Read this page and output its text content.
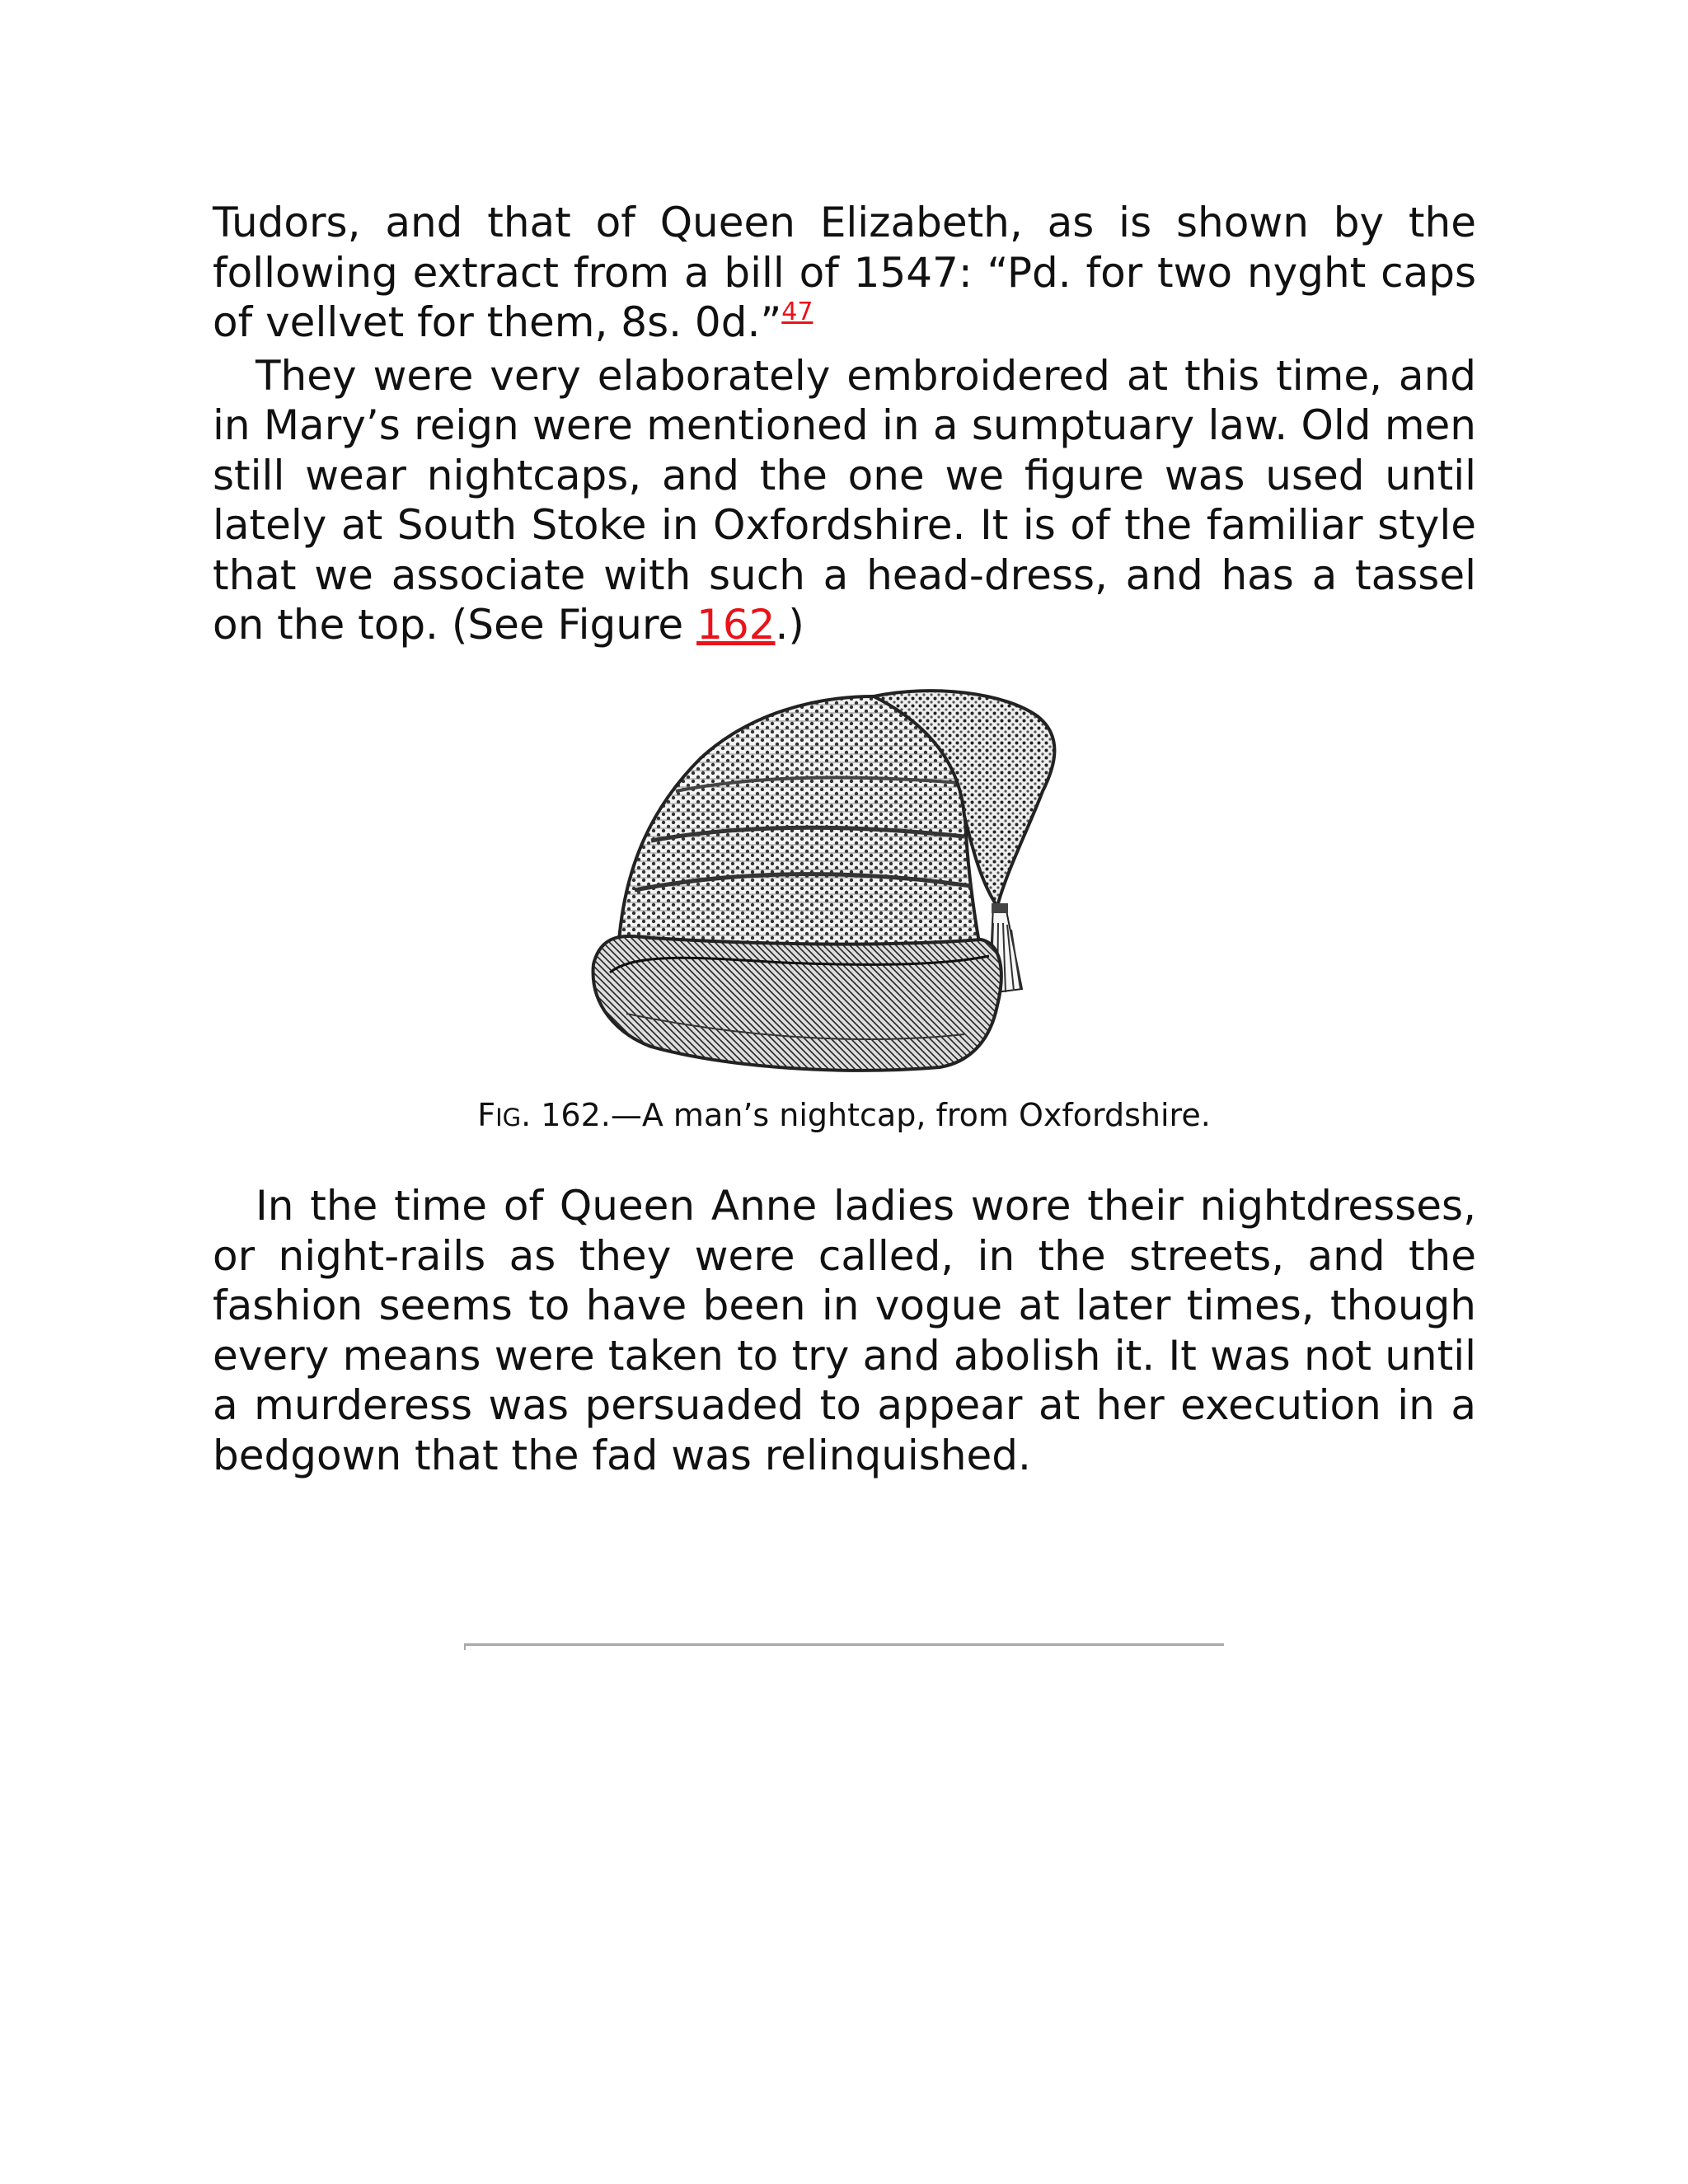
Tudors, and that of Queen Elizabeth, as is shown by the following extract from a bill of 1547: “Pd. for two nyght caps of vellvet for them, 8s. 0d.”$^{47}$

They were very elaborately embroidered at this time, and in Mary’s reign were mentioned in a sumptuary law. Old men still wear nightcaps, and the one we figure was used until lately at South Stoke in Oxfordshire. It is of the familiar style that we associate with such a head-dress, and has a tassel on the top. (See Figure 162.)

FIG. 162.—A man’s nightcap, from Oxfordshire.

In the time of Queen Anne ladies wore their nightdresses, or night-rails as they were called, in the streets, and the fashion seems to have been in vogue at later times, though every means were taken to try and abolish it. It was not until a murderess was persuaded to appear at her execution in a bedgown that the fad was relinquished.
